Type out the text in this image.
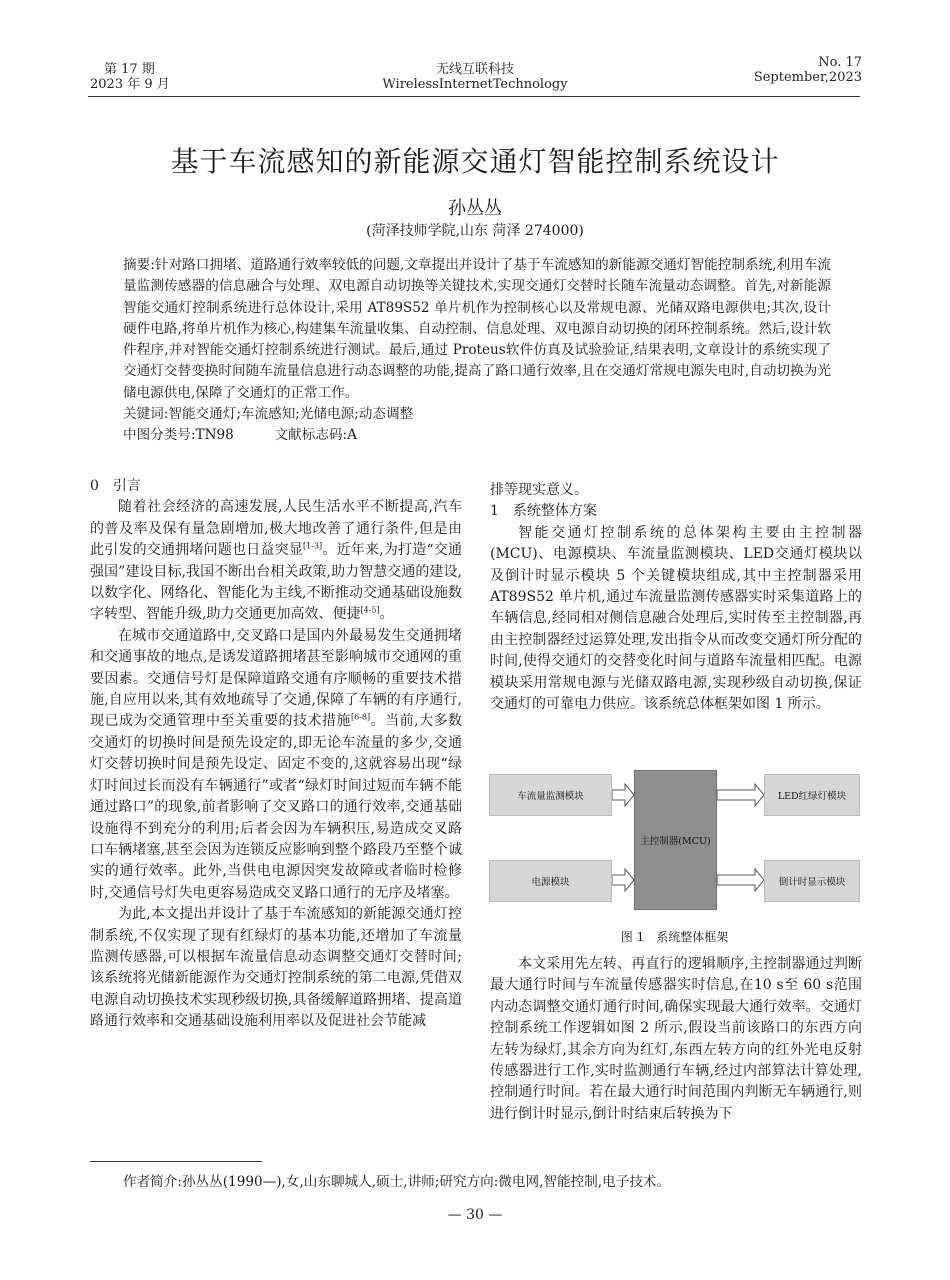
第 17 期
2023 年 9 月
无线互联科技
WirelessInternetTechnology
No. 17
September,2023
基于车流感知的新能源交通灯智能控制系统设计
孙丛丛
(菏泽技师学院,山东 菏泽 274000)

摘要:针对路口拥堵、道路通行效率较低的问题,文章提出并设计了基于车流感知的新能源交通灯智能控制系统,利用车流量监测传感器的信息融合与处理、双电源自动切换等关键技术,实现交通灯交替时长随车流量动态调整。首先,对新能源智能交通灯控制系统进行总体设计,采用 AT89S52 单片机作为控制核心以及常规电源、光储双路电源供电;其次,设计硬件电路,将单片机作为核心,构建集车流量收集、自动控制、信息处理、双电源自动切换的闭环控制系统。然后,设计软件程序,并对智能交通灯控制系统进行测试。最后,通过 Proteus软件仿真及试验验证,结果表明,文章设计的系统实现了交通灯交替变换时间随车流量信息进行动态调整的功能,提高了路口通行效率,且在交通灯常规电源失电时,自动切换为光储电源供电,保障了交通灯的正常工作。

关键词:智能交通灯;车流感知;光储电源;动态调整

中图分类号:TN98　　　文献标志码:A

0　引言

随着社会经济的高速发展,人民生活水平不断提高,汽车的普及率及保有量急剧增加,极大地改善了通行条件,但是由此引发的交通拥堵问题也日益突显[1-3]。近年来,为打造“交通强国”建设目标,我国不断出台相关政策,助力智慧交通的建设,以数字化、网络化、智能化为主线,不断推动交通基础设施数字转型、智能升级,助力交通更加高效、便捷[4-5]。

在城市交通道路中,交叉路口是国内外最易发生交通拥堵和交通事故的地点,是诱发道路拥堵甚至影响城市交通网的重要因素。交通信号灯是保障道路交通有序顺畅的重要技术措施,自应用以来,其有效地疏导了交通,保障了车辆的有序通行,现已成为交通管理中至关重要的技术措施[6-8]。当前,大多数交通灯的切换时间是预先设定的,即无论车流量的多少,交通灯交替切换时间是预先设定、固定不变的,这就容易出现“绿灯时间过长而没有车辆通行”或者“绿灯时间过短而车辆不能通过路口”的现象,前者影响了交叉路口的通行效率,交通基础设施得不到充分的利用;后者会因为车辆积压,易造成交叉路口车辆堵塞,甚至会因为连锁反应影响到整个路段乃至整个诚实的通行效率。此外,当供电电源因突发故障或者临时检修时,交通信号灯失电更容易造成交叉路口通行的无序及堵塞。

为此,本文提出并设计了基于车流感知的新能源交通灯控制系统,不仅实现了现有红绿灯的基本功能,还增加了车流量监测传感器,可以根据车流量信息动态调整交通灯交替时间;该系统将光储新能源作为交通灯控制系统的第二电源,凭借双电源自动切换技术实现秒级切换,具备缓解道路拥堵、提高道路通行效率和交通基础设施利用率以及促进社会节能减

排等现实意义。

1　系统整体方案

智能交通灯控制系统的总体架构主要由主控制器(MCU)、电源模块、车流量监测模块、LED交通灯模块以及倒计时显示模块 5 个关键模块组成,其中主控制器采用 AT89S52 单片机,通过车流量监测传感器实时采集道路上的车辆信息,经同相对侧信息融合处理后,实时传至主控制器,再由主控制器经过运算处理,发出指令从而改变交通灯所分配的时间,使得交通灯的交替变化时间与道路车流量相匹配。电源模块采用常规电源与光储双路电源,实现秒级自动切换,保证交通灯的可靠电力供应。该系统总体框架如图 1 所示。

车流量监测模块
电源模块
主控制器(MCU)
LED红绿灯模块
倒计时显示模块
图 1　系统整体框架

本文采用先左转、再直行的逻辑顺序,主控制器通过判断最大通行时间与车流量传感器实时信息,在10 s至 60 s范围内动态调整交通灯通行时间,确保实现最大通行效率。交通灯控制系统工作逻辑如图 2 所示,假设当前该路口的东西方向左转为绿灯,其余方向为红灯,东西左转方向的红外光电反射传感器进行工作,实时监测通行车辆,经过内部算法计算处理,控制通行时间。若在最大通行时间范围内判断无车辆通行,则进行倒计时显示,倒计时结束后转换为下

作者简介:孙丛丛(1990—),女,山东聊城人,硕士,讲师;研究方向:微电网,智能控制,电子技术。
— 30 —
